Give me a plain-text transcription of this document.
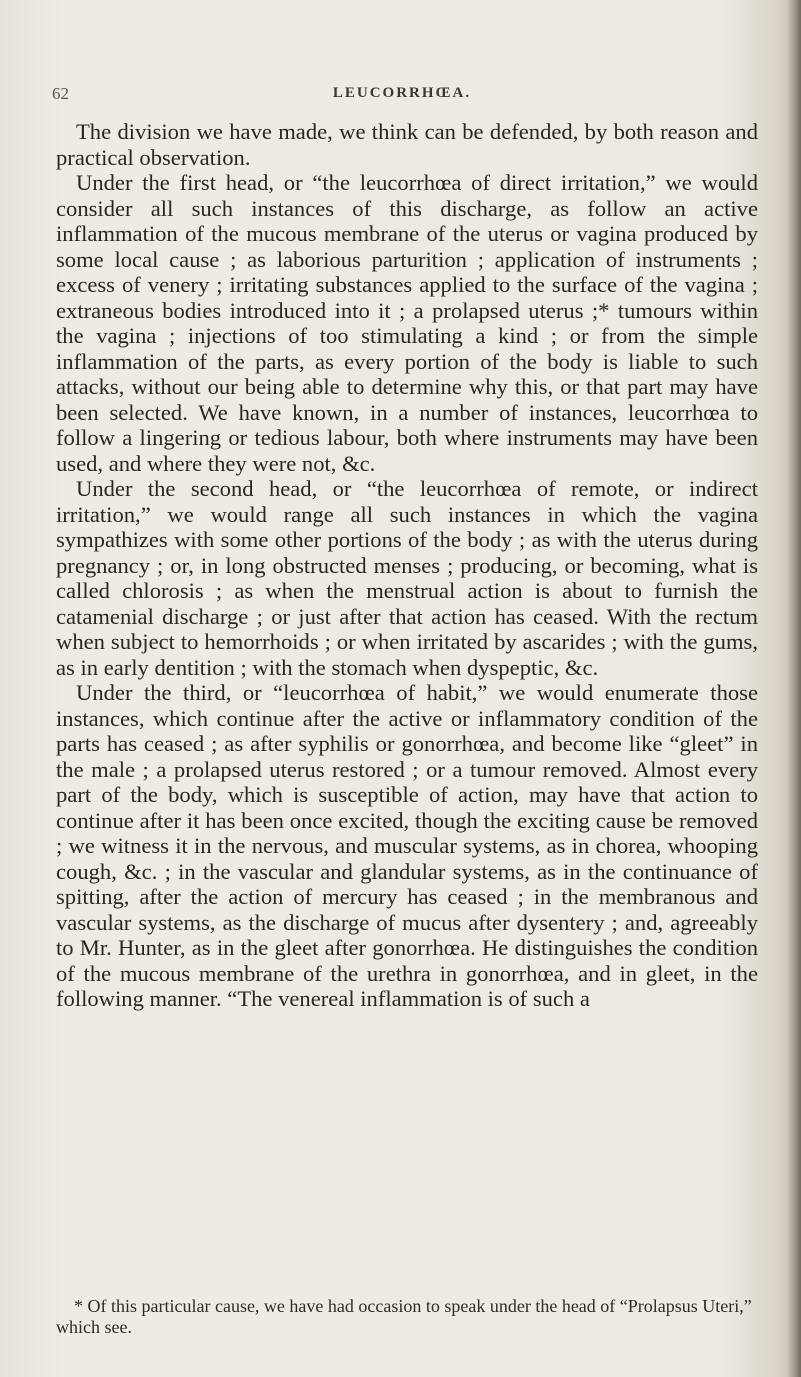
62	LEUCORRHŒA.

The division we have made, we think can be defended, by both reason and practical observation.

Under the first head, or “the leucorrhœa of direct irritation,” we would consider all such instances of this discharge, as follow an active inflammation of the mucous membrane of the uterus or vagina produced by some local cause ; as laborious parturition ; application of instruments ; excess of venery ; irritating substances applied to the surface of the vagina ; extraneous bodies introduced into it ; a prolapsed uterus ;* tumours within the vagina ; injections of too stimulating a kind ; or from the simple inflammation of the parts, as every portion of the body is liable to such attacks, without our being able to determine why this, or that part may have been selected. We have known, in a number of instances, leucorrhœa to follow a lingering or tedious labour, both where instruments may have been used, and where they were not, &c.

Under the second head, or “the leucorrhœa of remote, or indirect irritation,” we would range all such instances in which the vagina sympathizes with some other portions of the body ; as with the uterus during pregnancy ; or, in long obstructed menses ; producing, or becoming, what is called chlorosis ; as when the menstrual action is about to furnish the catamenial discharge ; or just after that action has ceased. With the rectum when subject to hemorrhoids ; or when irritated by ascarides ; with the gums, as in early dentition ; with the stomach when dyspeptic, &c.

Under the third, or “leucorrhœa of habit,” we would enumerate those instances, which continue after the active or inflammatory condition of the parts has ceased ; as after syphilis or gonorrhœa, and become like “gleet” in the male ; a prolapsed uterus restored ; or a tumour removed. Almost every part of the body, which is susceptible of action, may have that action to continue after it has been once excited, though the exciting cause be removed ; we witness it in the nervous, and muscular systems, as in chorea, whooping cough, &c. ; in the vascular and glandular systems, as in the continuance of spitting, after the action of mercury has ceased ; in the membranous and vascular systems, as the discharge of mucus after dysentery ; and, agreeably to Mr. Hunter, as in the gleet after gonorrhœa. He distinguishes the condition of the mucous membrane of the urethra in gonorrhœa, and in gleet, in the following manner. “The venereal inflammation is of such a

* Of this particular cause, we have had occasion to speak under the head of “Prolapsus Uteri,” which see.
